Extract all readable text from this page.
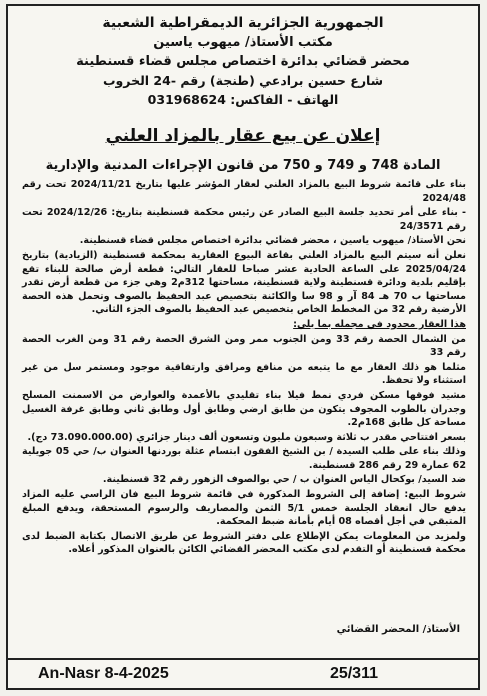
الجمهورية الجزائرية الديمقراطية الشعبية
مكتب الأستاذ/ ميهوب ياسين
محضر قضائي بدائرة اختصاص مجلس قضاء قسنطينة
شارع حسين برادعي (طنجة) رقم -24 الخروب
الهاتف - الفاكس: 031968624
إعلان عن بيع عقار بالمزاد العلني
المادة 748 و 749 و 750 من قانون الإجراءات المدنية والإدارية

بناء على قائمة شروط البيع بالمزاد العلني لعقار المؤشر عليها بتاريخ 2024/11/21 تحت رقم 2024/48

- بناء على أمر تحديد جلسة البيع الصادر عن رئيس محكمة قسنطينة بتاريخ: 2024/12/26 تحت رقم 24/3571

نحن الأستاذ/ ميهوب ياسين ، محضر قضائي بدائرة اختصاص مجلس قضاء قسنطينة.

نعلن أنه سيتم البيع بالمزاد العلني بقاعة البيوع العقارية بمحكمة قسنطينة (الزيادية) بتاريخ 2025/04/24 على الساعة الحادية عشر صباحا للعقار التالي: قطعة أرض صالحة للبناء تقع بإقليم بلدية ودائرة قسنطينة ولاية قسنطينة، مساحتها 312م2 وهي جزء من قطعة أرض تقدر مساحتها ب 70 هـ 84 آر و 98 سا والكائنة بتخصيص عبد الحفيظ بالصوف وتحمل هذه الحصة الأرضية رقم 32 من المخطط الخاص بتخصيص عبد الحفيظ بالصوف الجزء الثاني.

هذا العقار محدود في مجمله بما يلي:

من الشمال الحصة رقم 33 ومن الجنوب ممر ومن الشرق الحصة رقم 31 ومن الغرب الحصة رقم 33

مثلما هو ذلك العقار مع ما يتبعه من منافع ومرافق وارتفاقية موجود ومستمر سل من غير استثناء ولا تحفظ.

مشيد فوقها مسكن فردي نمط فيلا بناء تقليدي بالأعمدة والعوارض من الاسمنت المسلح وجدران بالطوب المجوف يتكون من طابق ارضي وطابق أول وطابق ثاني وطابق غرفة الغسيل مساحة كل طابق 168م2.

بسعر افتتاحي مقدر ب ثلاثة وسبعون مليون وتسعون ألف دينار جزائري (73.090.000.00 دج).

وذلك بناء على طلب السيدة / بن الشيخ الفقون ابتسام عثلة بوردنها العنوان ب/ حي 05 جويلية 62 عمارة 29 رقم 286 قسنطينة.

ضد السيد/ بوكحال الياس العنوان ب / حي بوالصوف الزهور رقم 32 قسنطينة.

شروط البيع: إضافة إلى الشروط المذكورة في قائمة شروط البيع فان الراسي عليه المزاد يدفع حال انعقاد الجلسة خمس 5/1 الثمن والمصاريف والرسوم المستحقة، ويدفع المبلغ المتبقي في أجل أقصاه 08 أيام بأمانة ضبط المحكمة.

ولمزيد من المعلومات يمكن الإطلاع على دفتر الشروط عن طريق الاتصال بكتابة الضبط لدى محكمة قسنطينة أو التقدم لدى مكتب المحضر القضائي الكائن بالعنوان المذكور أعلاه.

الأستاذ/ المحضر القضائي
An-Nasr 8-4-2025	25/311
